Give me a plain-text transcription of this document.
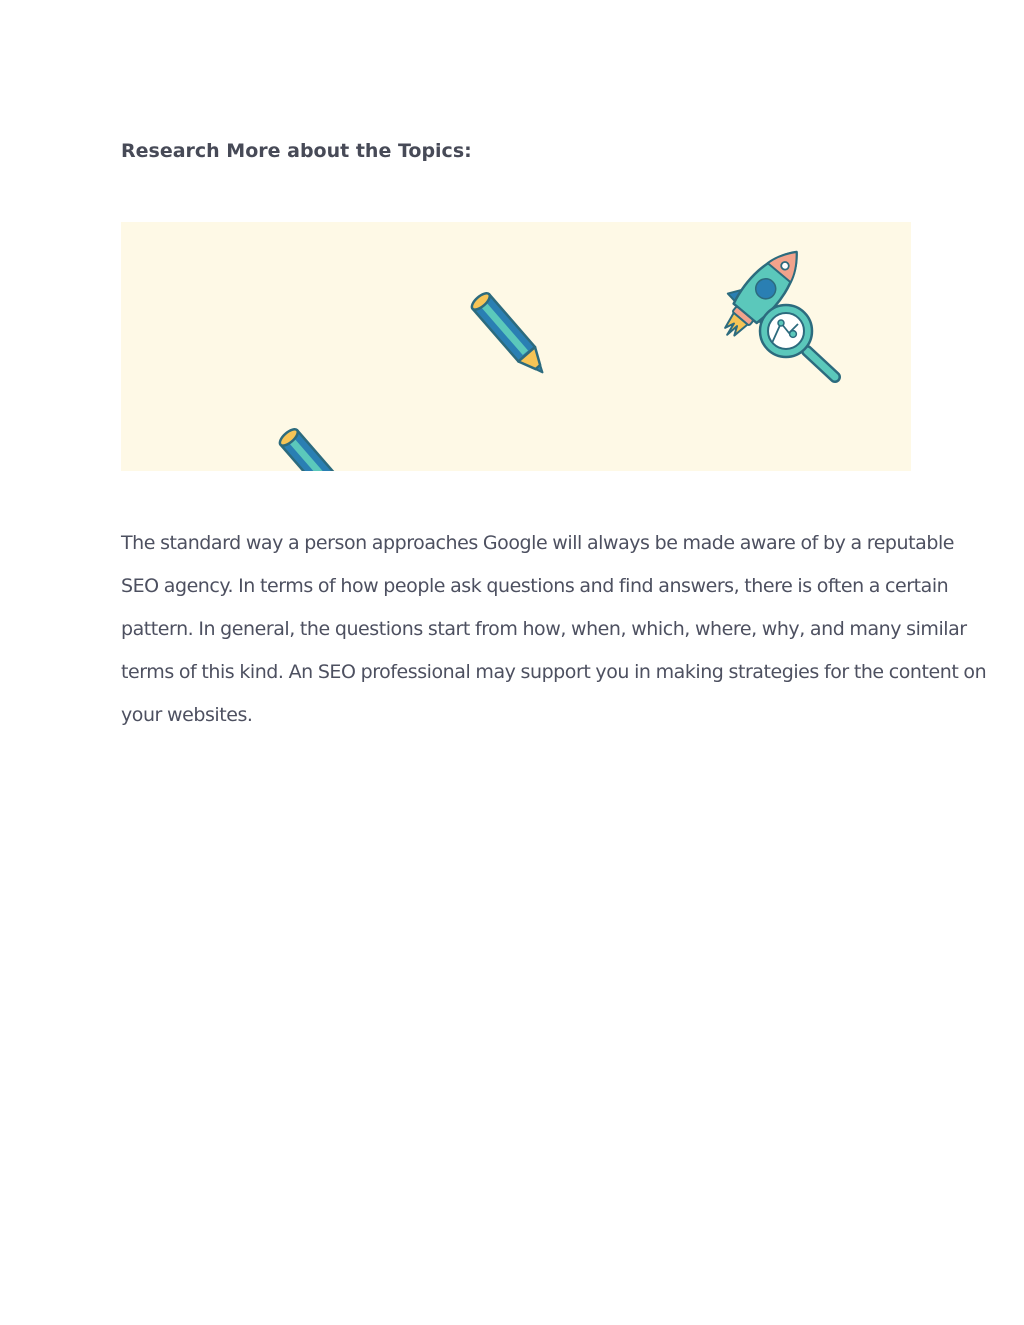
Research More about the Topics:

The standard way a person approaches Google will always be made aware of by a reputable SEO agency. In terms of how people ask questions and find answers, there is often a certain pattern. In general, the questions start from how, when, which, where, why, and many similar terms of this kind. An SEO professional may support you in making strategies for the content on your websites.
